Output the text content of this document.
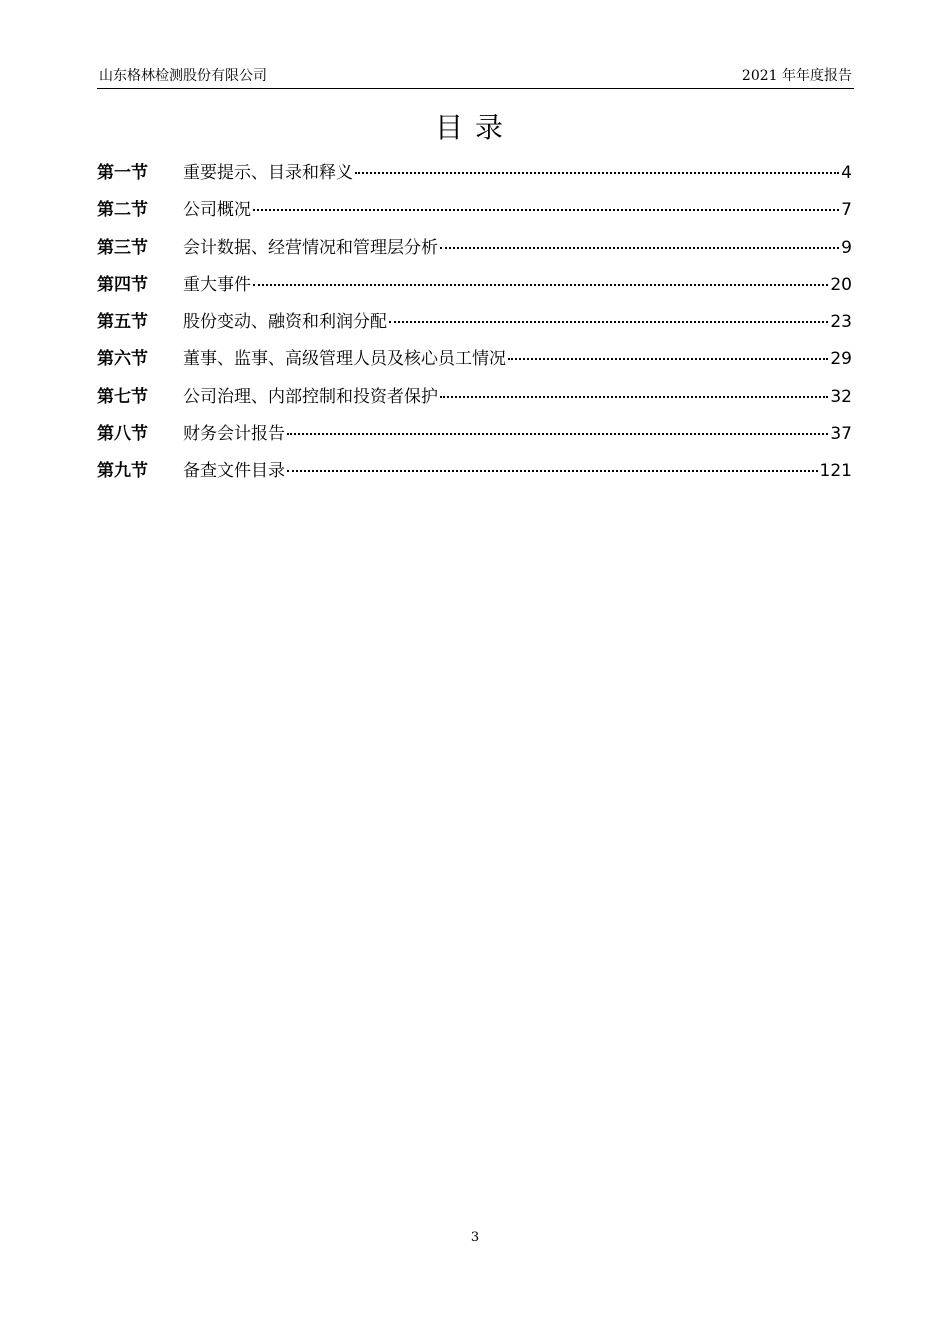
山东格林检测股份有限公司	2021 年年度报告
目录
第一节	重要提示、目录和释义	4
第二节	公司概况	7
第三节	会计数据、经营情况和管理层分析	9
第四节	重大事件	20
第五节	股份变动、融资和利润分配	23
第六节	董事、监事、高级管理人员及核心员工情况	29
第七节	公司治理、内部控制和投资者保护	32
第八节	财务会计报告	37
第九节	备查文件目录	121
3
